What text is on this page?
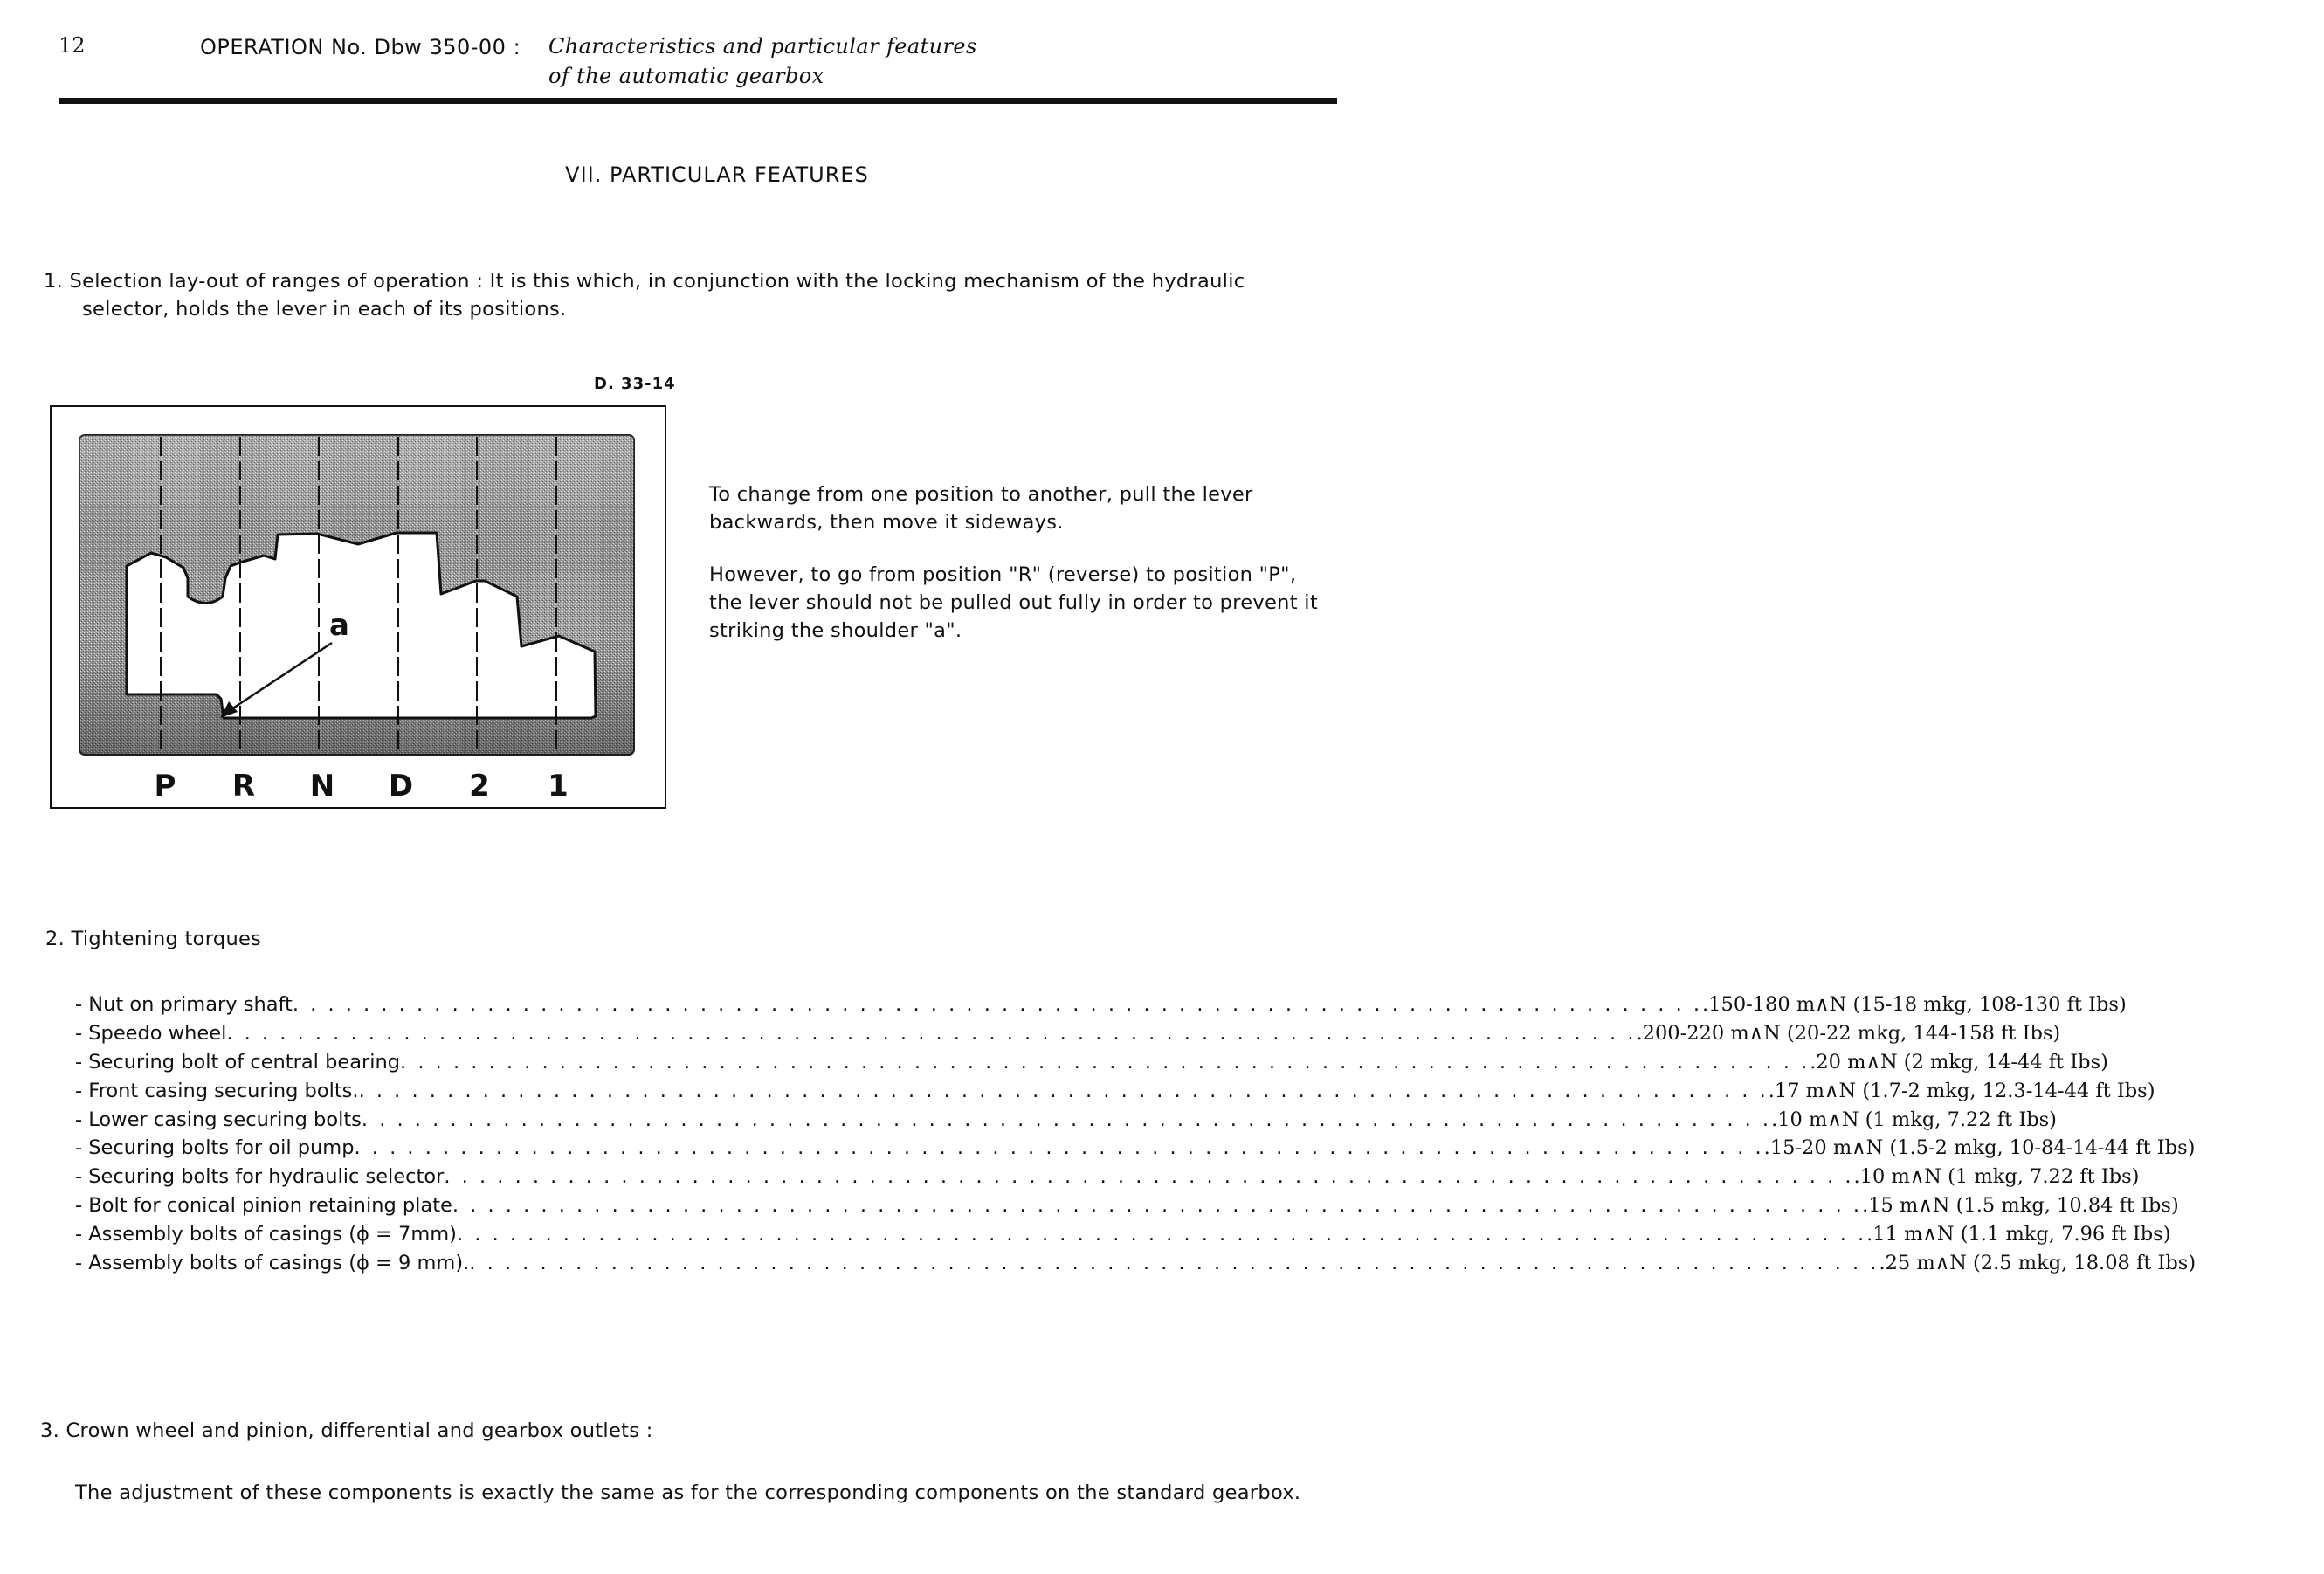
12	OPERATION No. Dbw 350-00 : Characteristics and particular features
of the automatic gearbox
VII. PARTICULAR FEATURES
1. Selection lay-out of ranges of operation : It is this which, in conjunction with the locking mechanism of the hydraulic
selector, holds the lever in each of its positions.
D. 33-14
a
P R N D 2 1

To change from one position to another, pull the lever backwards, then move it sideways.

However, to go from position "R" (reverse) to position "P", the lever should not be pulled out fully in order to prevent it striking the shoulder "a".

2. Tightening torques
- Nut on primary shaft . . . . . . . . . . . . . . . . . . . . . . . . . . . . . . . . . . . . . . . . . . . . . . . . . . . . . . . . . . . . . . . . . . . . . . . . . . . . . . . . .150-180 m∧N (15-18 mkg, 108-130 ft Ibs)
- Speedo wheel . . . . . . . . . . . . . . . . . . . . . . . . . . . . . . . . . . . . . . . . . . . . . . . . . . . . . . . . . . . . . . . . . . . . . . . . . . . . . . . . .200-220 m∧N (20-22 mkg, 144-158 ft Ibs)
- Securing bolt of central bearing . . . . . . . . . . . . . . . . . . . . . . . . . . . . . . . . . . . . . . . . . . . . . . . . . . . . . . . . . . . . . . . . . . . . . . . . . . . . . . . . .20 m∧N (2 mkg, 14-44 ft Ibs)
- Front casing securing bolts. . . . . . . . . . . . . . . . . . . . . . . . . . . . . . . . . . . . . . . . . . . . . . . . . . . . . . . . . . . . . . . . . . . . . . . . . . . . . . . . . .17 m∧N (1.7-2 mkg, 12.3-14-44 ft Ibs)
- Lower casing securing bolts . . . . . . . . . . . . . . . . . . . . . . . . . . . . . . . . . . . . . . . . . . . . . . . . . . . . . . . . . . . . . . . . . . . . . . . . . . . . . . . . .10 m∧N (1 mkg, 7.22 ft Ibs)
- Securing bolts for oil pump . . . . . . . . . . . . . . . . . . . . . . . . . . . . . . . . . . . . . . . . . . . . . . . . . . . . . . . . . . . . . . . . . . . . . . . . . . . . . . . . .15-20 m∧N (1.5-2 mkg, 10-84-14-44 ft Ibs)
- Securing bolts for hydraulic selector . . . . . . . . . . . . . . . . . . . . . . . . . . . . . . . . . . . . . . . . . . . . . . . . . . . . . . . . . . . . . . . . . . . . . . . . . . . . . . . . .10 m∧N (1 mkg, 7.22 ft Ibs)
- Bolt for conical pinion retaining plate . . . . . . . . . . . . . . . . . . . . . . . . . . . . . . . . . . . . . . . . . . . . . . . . . . . . . . . . . . . . . . . . . . . . . . . . . . . . . . . . .15 m∧N (1.5 mkg, 10.84 ft Ibs)
- Assembly bolts of casings (ϕ = 7mm) . . . . . . . . . . . . . . . . . . . . . . . . . . . . . . . . . . . . . . . . . . . . . . . . . . . . . . . . . . . . . . . . . . . . . . . . . . . . . . . . .11 m∧N (1.1 mkg, 7.96 ft Ibs)
- Assembly bolts of casings (ϕ = 9 mm). . . . . . . . . . . . . . . . . . . . . . . . . . . . . . . . . . . . . . . . . . . . . . . . . . . . . . . . . . . . . . . . . . . . . . . . . . . . . . . . . .25 m∧N (2.5 mkg, 18.08 ft Ibs)
3. Crown wheel and pinion, differential and gearbox outlets :
The adjustment of these components is exactly the same as for the corresponding components on the standard gearbox.
